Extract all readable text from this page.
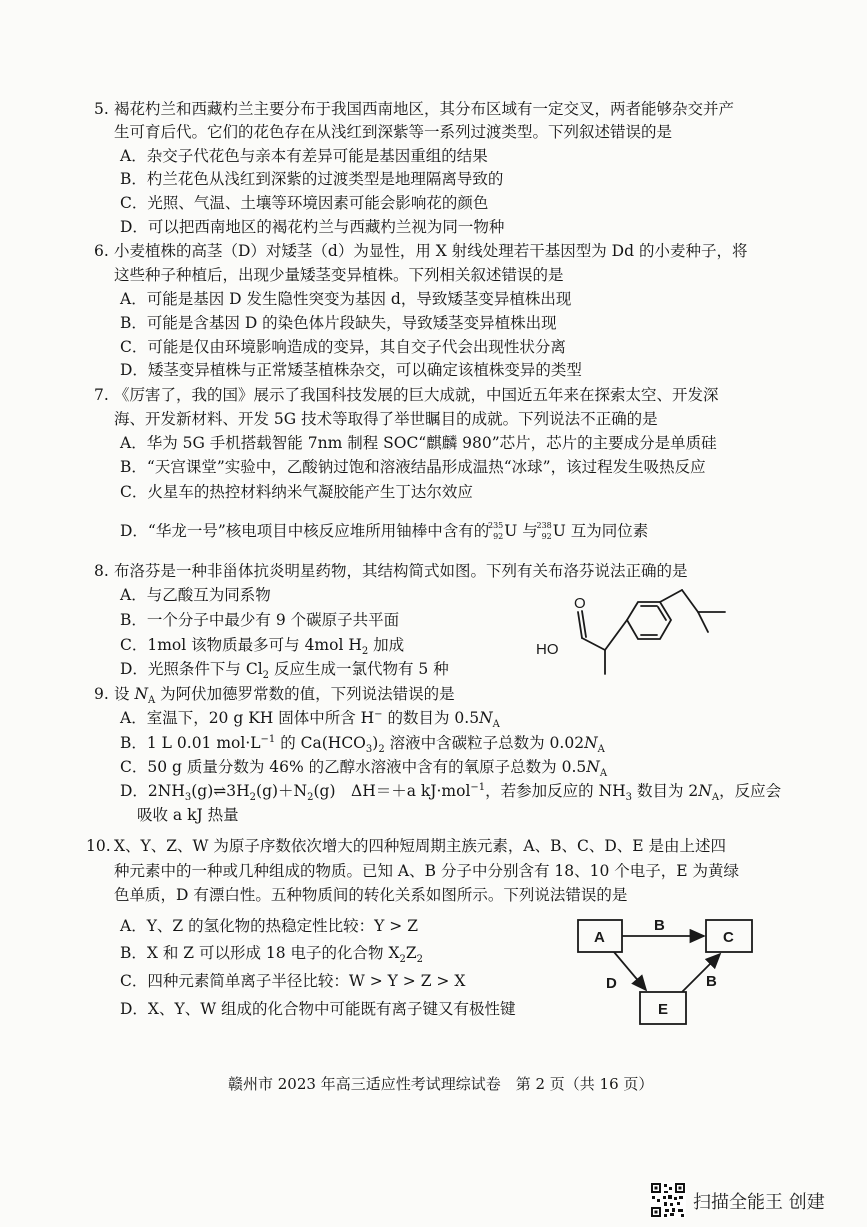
5. 褐花杓兰和西藏杓兰主要分布于我国西南地区，其分布区域有一定交叉，两者能够杂交并产
生可育后代。它们的花色存在从浅红到深紫等一系列过渡类型。下列叙述错误的是
A．杂交子代花色与亲本有差异可能是基因重组的结果
B．杓兰花色从浅红到深紫的过渡类型是地理隔离导致的
C．光照、气温、土壤等环境因素可能会影响花的颜色
D．可以把西南地区的褐花杓兰与西藏杓兰视为同一物种
6. 小麦植株的高茎（D）对矮茎（d）为显性，用 X 射线处理若干基因型为 Dd 的小麦种子，将
这些种子种植后，出现少量矮茎变异植株。下列相关叙述错误的是
A．可能是基因 D 发生隐性突变为基因 d，导致矮茎变异植株出现
B．可能是含基因 D 的染色体片段缺失，导致矮茎变异植株出现
C．可能是仅由环境影响造成的变异，其自交子代会出现性状分离
D．矮茎变异植株与正常矮茎植株杂交，可以确定该植株变异的类型
7. 《厉害了，我的国》展示了我国科技发展的巨大成就，中国近五年来在探索太空、开发深
海、开发新材料、开发 5G 技术等取得了举世瞩目的成就。下列说法不正确的是
A．华为 5G 手机搭载智能 7nm 制程 SOC“麒麟 980”芯片，芯片的主要成分是单质硅
B．“天宫课堂”实验中，乙酸钠过饱和溶液结晶形成温热“冰球”，该过程发生吸热反应
C．火星车的热控材料纳米气凝胶能产生丁达尔效应
D．“华龙一号”核电项目中核反应堆所用铀棒中含有的
235
92 U 与
238
92 U 互为同位素
8. 布洛芬是一种非甾体抗炎明星药物，其结构简式如图。下列有关布洛芬说法正确的是
A．与乙酸互为同系物
B．一个分子中最少有 9 个碳原子共平面
C．1mol 该物质最多可与 4mol $H_2$ 加成
D．光照条件下与 $Cl_2$ 反应生成一氯代物有 5 种
O
HO
9. 设 $N_A$ 为阿伏加德罗常数的值，下列说法错误的是
A．室温下，20 g KH 固体中所含 H− 的数目为 $0.5N_A$
B．1 L 0.01 $mol\cdot L^{-1}$ 的 $Ca(HCO_3)_2$ 溶液中含碳粒子总数为 $0.02N_A$
C．50 g 质量分数为 46% 的乙醇水溶液中含有的氧原子总数为 $0.5N_A$
D．$2NH_3(g)\rightleftharpoons 3H_2(g)+N_2(g)$　ΔH＝＋a kJ·mol$^{-1}$，若参加反应的 $NH_3$ 数目为 $2N_A$，反应会
吸收 a kJ 热量
10. X、Y、Z、W 为原子序数依次增大的四种短周期主族元素，A、B、C、D、E 是由上述四
种元素中的一种或几种组成的物质。已知 A、B 分子中分别含有 18、10 个电子，E 为黄绿
色单质，D 有漂白性。五种物质间的转化关系如图所示。下列说法错误的是
A．Y、Z 的氢化物的热稳定性比较：Y > Z
B．X 和 Z 可以形成 18 电子的化合物 $X_2Z_2$
C．四种元素简单离子半径比较：W > Y > Z > X
D．X、Y、W 组成的化合物中可能既有离子键又有极性键
A	C
E
B
D	B
赣州市 2023 年高三适应性考试理综试卷　第 2 页（共 16 页）
扫描全能王 创建
